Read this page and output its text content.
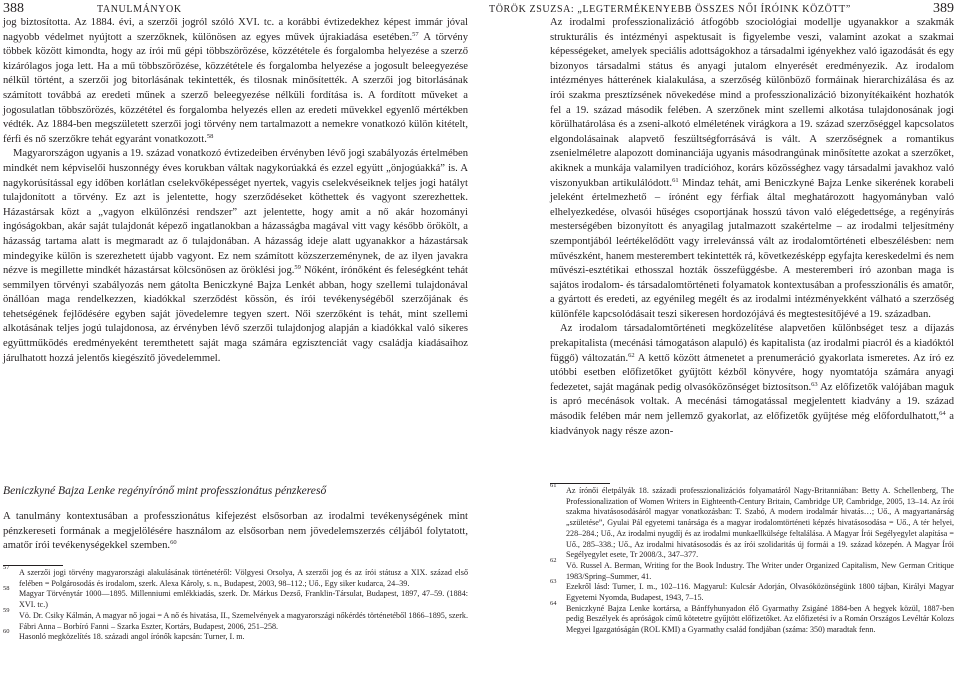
388	TANULMÁNYOK

jog biztosította. Az 1884. évi, a szerzői jogról szóló XVI. tc. a korábbi évtizedekhez képest immár jóval nagyobb védelmet nyújtott a szerzőknek, különösen az egyes művek újrakiadása esetében.$^{57}$ A törvény többek között kimondta, hogy az írói mű gépi többszörözése, közzététele és forgalomba helyezése a szerző kizárólagos joga lett. Ha a mű többszörözése, közzététele és forgalomba helyezése a jogosult beleegyezése nélkül történt, a szerzői jog bitorlásának tekintették, és tilosnak minősítették. A szerzői jog bitorlásának számított továbbá az eredeti műnek a szerző beleegyezése nélküli fordítása is. A fordított műveket a jogosulatlan többszörözés, közzététel és forgalomba helyezés ellen az eredeti művekkel egyenlő mértékben védték. Az 1884-ben megszületett szerzői jogi törvény nem tartalmazott a nemekre vonatkozó külön kitételt, férfi és nő szerzőkre tehát egyaránt vonatkozott.$^{58}$

Magyarországon ugyanis a 19. század vonatkozó évtizedeiben érvényben lévő jogi szabályozás értelmében mindkét nem képviselői huszonnégy éves korukban váltak nagykorúakká és ezzel együtt „önjogúakká” is. A nagykorúsítással egy időben korlátlan cselekvőképességet nyertek, vagyis cselekvéseiknek teljes jogi hatályt tulajdonított a törvény. Ez azt is jelentette, hogy szerződéseket köthettek és vagyont szerezhettek. Házastársak közt a „vagyon elkülönzési rendszer” azt jelentette, hogy amit a nő akár hozományi ingóságokban, akár saját tulajdonát képező ingatlanokban a házasságba magával vitt vagy később örökölt, a házasság tartama alatt is megmaradt az ő tulajdonában. A házasság ideje alatt ugyanakkor a házastársak mindegyike külön is szerezhetett újabb vagyont. Ez nem számított közszerzeménynek, de az ilyen javakra nézve is megillette mindkét házastársat kölcsönösen az öröklési jog.$^{59}$ Nőként, írónőként és feleségként tehát semmilyen törvényi szabályozás nem gátolta Beniczkyné Bajza Lenkét abban, hogy szellemi tulajdonával önállóan maga rendelkezzen, kiadókkal szerződést kössön, és írói tevékenységéből szerzőjának és tehetségének fejlődésére egyben saját jövedelemre tegyen szert. Női szerzőként is tehát, mint szellemi alkotásának teljes jogú tulajdonosa, az érvényben lévő szerzői tulajdonjog alapján a kiadókkal való sikeres együttműködés eredményeként teremthetett saját maga számára egzisztenciát vagy családja kiadásaihoz járulhatott hozzá jelentős kiegészítő jövedelemmel.

Beniczkyné Bajza Lenke regényírónő mint professzionátus pénzkereső

A tanulmány kontextusában a professzionátus kifejezést elsősorban az irodalmi tevékenységének mint pénzkereseti formának a megjelölésére használom az elsősorban nem jövedelemszerzés céljából folytatott, amatőr írói tevékenységekkel szemben.$^{60}$

57
A szerzői jogi törvény magyarországi alakulásának történetéről: Völgyesi Orsolya, A szerzői jog és az írói státusz a XIX. század első felében = Polgárosodás és irodalom, szerk. Alexa Károly, s. n., Budapest, 2003, 98–112.; Uő., Egy siker kudarca, 24–39.

58
Magyar Törvénytár 1000—1895. Millenniumi emlékkiadás, szerk. Dr. Márkus Dezső, Franklin-Társulat, Budapest, 1897, 47–59. (1884: XVI. tc.)

59
Vö. Dr. Csiky Kálmán, A magyar nő jogai = A nő és hivatása, II., Szemelvények a magyarországi nőkérdés történetéből 1866–1895, szerk. Fábri Anna – Borbíró Fanni – Szarka Eszter, Kortárs, Budapest, 2006, 251–258.

60
Hasonló megközelítés 18. századi angol írónők kapcsán: Turner, I. m.

TÖRÖK ZSUZSA: „LEGTERMÉKENYEBB ÖSSZES NŐI ÍRÓINK KÖZÖTT”	389

Az irodalmi professzionalizáció átfogóbb szociológiai modellje ugyanakkor a szakmák strukturális és intézményi aspektusait is figyelembe veszi, valamint azokat a szakmai képességeket, amelyek speciális adottságokhoz a társadalmi igényekhez való igazodását és egy bizonyos társadalmi státus és anyagi jutalom elnyerését eredményezik. Az irodalom intézményes hátterének kialakulása, a szerzőség különböző formáinak hierarchizálása és az írói szakma presztízsének növekedése mind a professzionalizáció bizonyítékaiként hozhatók fel a 19. század második felében. A szerzőnek mint szellemi alkotása tulajdonosának jogi körülhatárolása és a zseni-alkotó elméletének virágkora a 19. század szerzőséggel kapcsolatos elgondolásainak alapvető feszültségforrásává is vált. A szerzőségnek a romantikus zsenielméletre alapozott dominanciája ugyanis másodrangúnak minősítette azokat a szerzőket, akiknek a munkája valamilyen tradícióhoz, korárs közösséghez vagy társadalmi javakhoz való viszonyukban artikulálódott.$^{61}$ Mindaz tehát, ami Beniczkyné Bajza Lenke sikerének korabeli jeleként értelmezhető – írónént egy férfiak által meghatározott hagyományban való elhelyezkedése, olvasói hűséges csoportjának hosszú távon való elégedettsége, a regényírás mesterségében bizonyított és anyagilag jutalmazott szakértelme – az irodalmi teljesítmény szempontjából leértékelődött vagy irrelevánssá vált az irodalomtörténeti elbeszélésben: nem művészként, hanem mesterembert tekintették rá, következésképp egyfajta kereskedelmi és nem művészi-esztétikai ethosszal hozták összefüggésbe. A mesteremberi író azonban maga is sajátos irodalom- és társadalomtörténeti folyamatok kontextusában a professzionális és amatőr, a gyártott és eredeti, az egyénileg megélt és az irodalmi intézményekként válható a szerzőség különféle kapcsolódásait teszi sikeresen hordozójává és megtestesítőjévé a 19. században.

Az irodalom társadalomtörténeti megközelítése alapvetően különbséget tesz a díjazás prekapitalista (mecénási támogatáson alapuló) és kapitalista (az irodalmi piacról és a kiadóktól függő) változatán.$^{62}$ A kettő között átmenetet a prenumeráció gyakorlata ismeretes. Az író ez utóbbi esetben előfizetőket gyűjtött kézből könyvére, hogy nyomtatója számára anyagi fedezetet, saját magának pedig olvasóközönséget biztosítson.$^{63}$ Az előfizetők valójában maguk is apró mecénások voltak. A mecénási támogatással megjelentett kiadvány a 19. század második felében már nem jellemző gyakorlat, az előfizetők gyűjtése még előfordulhatott,$^{64}$ a kiadványok nagy része azon-

61
Az írónői életpályák 18. századi professzionalizációs folyamatáról Nagy-Britanniában: Betty A. Schellenberg, The Professionalization of Women Writers in Eighteenth-Century Britain, Cambridge UP, Cambridge, 2005, 13–14. Az írói szakma hivatásosodásáról magyar vonatkozásban: T. Szabó, A modern irodalmár hivatás…; Uő., A magyartanárság „születése”, Gyulai Pál egyetemi tanársága és a magyar irodalomtörténeti képzés hivatásosodása = Uő., A tér helyei, 228–284.; Uő., Az irodalmi nyugdíj és az irodalmi munkaellkülsége feltalálása. A Magyar Írói Segélyegylet alapítása = Uő., 285–338.; Uő., Az irodalmi hivatásosodás és az írói szolidaritás új formái a 19. század közepén. A Magyar Írói Segélyegylet esete, Tr 2008/3., 347–377.

62
Vö. Russel A. Berman, Writing for the Book Industry. The Writer under Organized Capitalism, New German Critique 1983/Spring–Summer, 41.

63
Ezekről lásd: Turner, I. m., 102–116. Magyarul: Kulcsár Adorján, Olvasóközönségünk 1800 tájban, Királyi Magyar Egyetemi Nyomda, Budapest, 1943, 7–15.

64
Beniczkyné Bajza Lenke kortársa, a Bánffyhunyadon élő Gyarmathy Zsigáné 1884-ben A hegyek közül, 1887-ben pedig Beszélyek és apróságok című kötetetre gyűjtött előfizetőket. Az előfizetési ív a Román Országos Levéltár Kolozs Megyei Igazgatóságán (ROL KMI) a Gyarmathy család fondjában (száma: 350) maradtak fenn.
